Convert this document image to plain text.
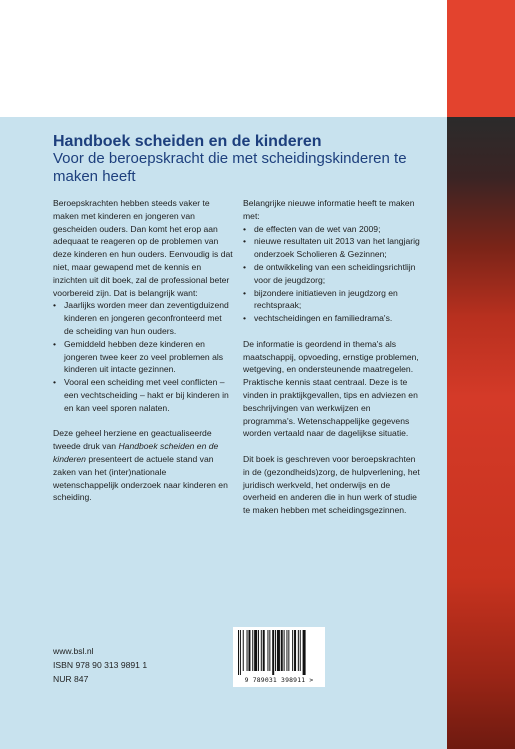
Handboek scheiden en de kinderen
Voor de beroepskracht die met scheidingskinderen te maken heeft

Beroepskrachten hebben steeds vaker te maken met kinderen en jongeren van gescheiden ouders. Dan komt het erop aan adequaat te reageren op de problemen van deze kinderen en hun ouders. Eenvoudig is dat niet, maar gewapend met de kennis en inzichten uit dit boek, zal de professional beter voorbereid zijn. Dat is belangrijk want:

• Jaarlijks worden meer dan zeventigduizend kinderen en jongeren geconfronteerd met de scheiding van hun ouders.
• Gemiddeld hebben deze kinderen en jongeren twee keer zo veel problemen als kinderen uit intacte gezinnen.
• Vooral een scheiding met veel conflicten – een vechtscheiding – hakt er bij kinderen in en kan veel sporen nalaten.

Deze geheel herziene en geactualiseerde tweede druk van Handboek scheiden en de kinderen presenteert de actuele stand van zaken van het (inter)nationale wetenschappelijk onderzoek naar kinderen en scheiding.

Belangrijke nieuwe informatie heeft te maken met:

• de effecten van de wet van 2009;
• nieuwe resultaten uit 2013 van het langjarig onderzoek Scholieren & Gezinnen;
• de ontwikkeling van een scheidingsrichtlijn voor de jeugdzorg;
• bijzondere initiatieven in jeugdzorg en rechtspraak;
• vechtscheidingen en familiedrama's.

De informatie is geordend in thema's als maatschappij, opvoeding, ernstige problemen, wetgeving, en ondersteunende maatregelen. Praktische kennis staat centraal. Deze is te vinden in praktijkgevallen, tips en adviezen en beschrijvingen van werkwijzen en programma's. Wetenschappelijke gegevens worden vertaald naar de dagelijkse situatie.

Dit boek is geschreven voor beroepskrachten in de (gezondheids)zorg, de hulpverlening, het juridisch werkveld, het onderwijs en de overheid en anderen die in hun werk of studie te maken hebben met scheidingsgezinnen.

www.bsl.nl
ISBN 978 90 313 9891 1
NUR 847	9 789031 398911 >
